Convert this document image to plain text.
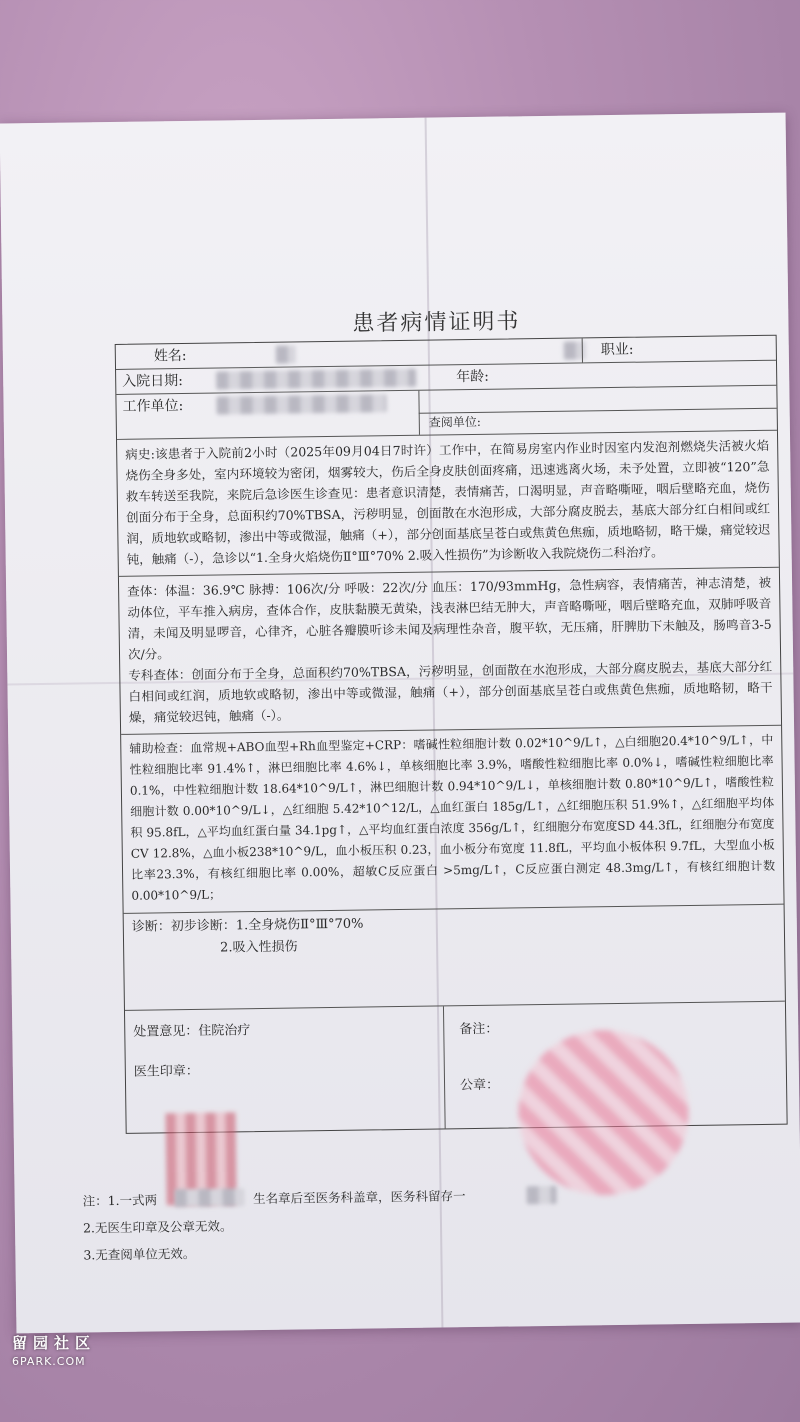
患者病情证明书
姓名:	职业:
入院日期:	年龄:
工作单位:
查阅单位:
病史:该患者于入院前2小时（2025年09月04日7时许）工作中，在简易房室内作业时因室内发泡剂燃烧失活被火焰烧伤全身多处，室内环境较为密闭，烟雾较大，伤后全身皮肤创面疼痛，迅速逃离火场，未予处置，立即被“120”急救车转送至我院，来院后急诊医生诊查见：患者意识清楚，表情痛苦，口渴明显，声音略嘶哑，咽后壁略充血，烧伤创面分布于全身，总面积约70%TBSA，污秽明显，创面散在水泡形成，大部分腐皮脱去，基底大部分红白相间或红润，质地软或略韧，渗出中等或微湿，触痛（+），部分创面基底呈苍白或焦黄色焦痂，质地略韧，略干燥，痛觉较迟钝，触痛（-），急诊以“1.全身火焰烧伤Ⅱ°Ⅲ°70% 2.吸入性损伤”为诊断收入我院烧伤二科治疗。
查体：体温：36.9℃ 脉搏：106次/分 呼吸：22次/分 血压：170/93mmHg，急性病容，表情痛苦，神志清楚，被动体位，平车推入病房，查体合作，皮肤黏膜无黄染，浅表淋巴结无肿大，声音略嘶哑，咽后壁略充血，双肺呼吸音清，未闻及明显啰音，心律齐，心脏各瓣膜听诊未闻及病理性杂音，腹平软，无压痛，肝脾肋下未触及，肠鸣音3-5次/分。
专科查体：创面分布于全身，总面积约70%TBSA，污秽明显，创面散在水泡形成，大部分腐皮脱去，基底大部分红白相间或红润，质地软或略韧，渗出中等或微湿，触痛（+），部分创面基底呈苍白或焦黄色焦痂，质地略韧，略干燥，痛觉较迟钝，触痛（-）。
辅助检查：血常规+ABO血型+Rh血型鉴定+CRP：嗜碱性粒细胞计数 0.02*10^9/L↑，△白细胞20.4*10^9/L↑，中性粒细胞比率 91.4%↑，淋巴细胞比率 4.6%↓，单核细胞比率 3.9%，嗜酸性粒细胞比率 0.0%↓，嗜碱性粒细胞比率 0.1%，中性粒细胞计数 18.64*10^9/L↑，淋巴细胞计数 0.94*10^9/L↓，单核细胞计数 0.80*10^9/L↑，嗜酸性粒细胞计数 0.00*10^9/L↓，△红细胞 5.42*10^12/L，△血红蛋白 185g/L↑，△红细胞压积 51.9%↑，△红细胞平均体积 95.8fL，△平均血红蛋白量 34.1pg↑，△平均血红蛋白浓度 356g/L↑，红细胞分布宽度SD 44.3fL，红细胞分布宽度CV 12.8%，△血小板238*10^9/L，血小板压积 0.23，血小板分布宽度 11.8fL，平均血小板体积 9.7fL，大型血小板比率23.3%，有核红细胞比率 0.00%，超敏C反应蛋白 >5mg/L↑，C反应蛋白测定 48.3mg/L↑，有核红细胞计数 0.00*10^9/L；
诊断：初步诊断： 1.全身烧伤Ⅱ°Ⅲ°70%
2.吸入性损伤
处置意见：住院治疗
医生印章：
备注：
公章：
注：1.一式两	生名章后至医务科盖章，医务科留存一
2.无医生印章及公章无效。
3.无查阅单位无效。
留园社区
6PARK.COM
